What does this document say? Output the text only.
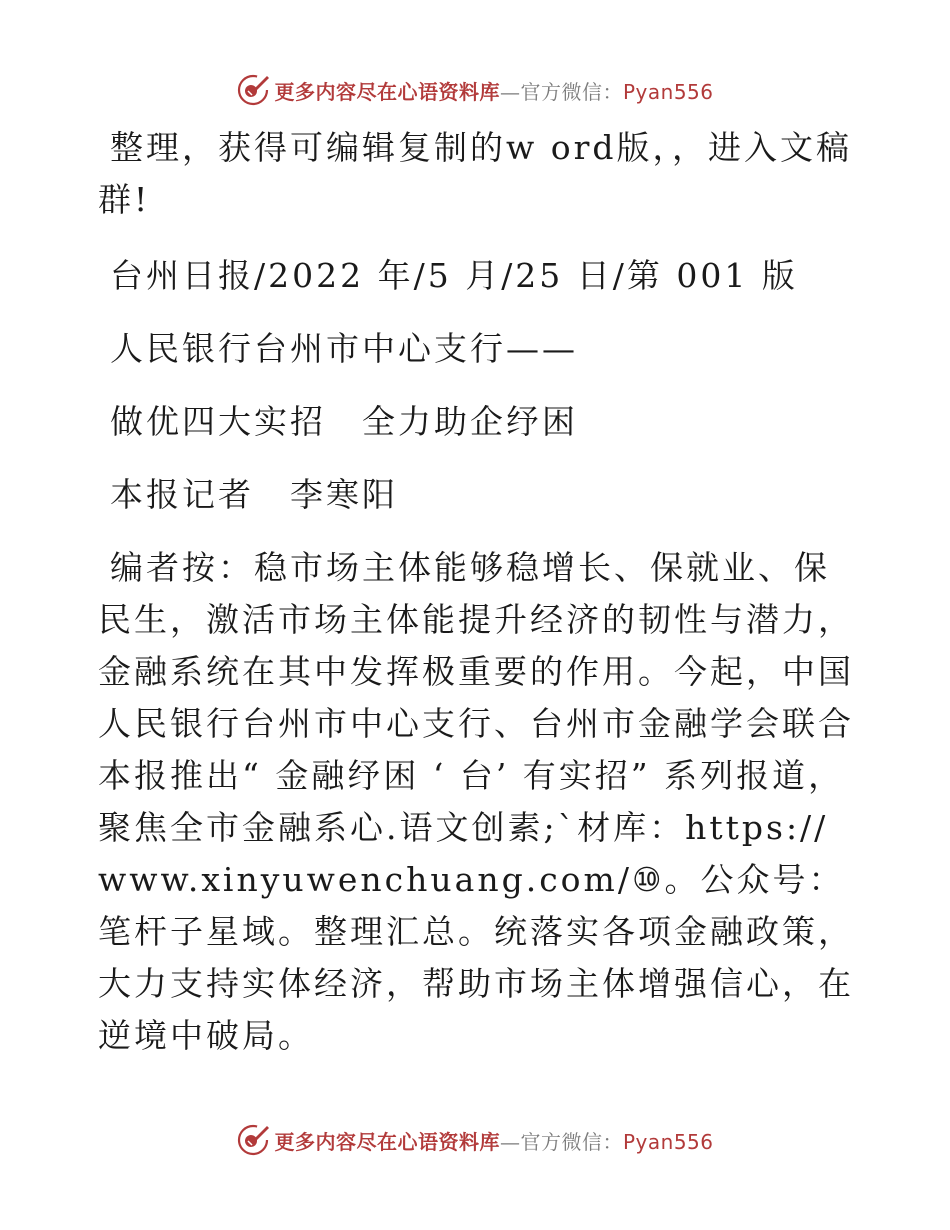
更多内容尽在心语资料库—官方微信：Pyan556

整理，获得可编辑复制的w ord版，，进入文稿群!

台州日报/2022 年/5 月/25 日/第 001 版

人民银行台州市中心支行——

做优四大实招　全力助企纾困

本报记者　李寒阳

编者按：稳市场主体能够稳增长、保就业、保民生，激活市场主体能提升经济的韧性与潜力，金融系统在其中发挥极重要的作用。今起，中国人民银行台州市中心支行、台州市金融学会联合本报推出“ 金融纾困 ‘ 台’ 有实招” 系列报道，聚焦全市金融系心.语文创素;`材库：https://www.xinyuwenchuang.com/⑩。公众号：笔杆子星域。整理汇总。统落实各项金融政策，大力支持实体经济，帮助市场主体增强信心，在逆境中破局。

更多内容尽在心语资料库—官方微信：Pyan556
